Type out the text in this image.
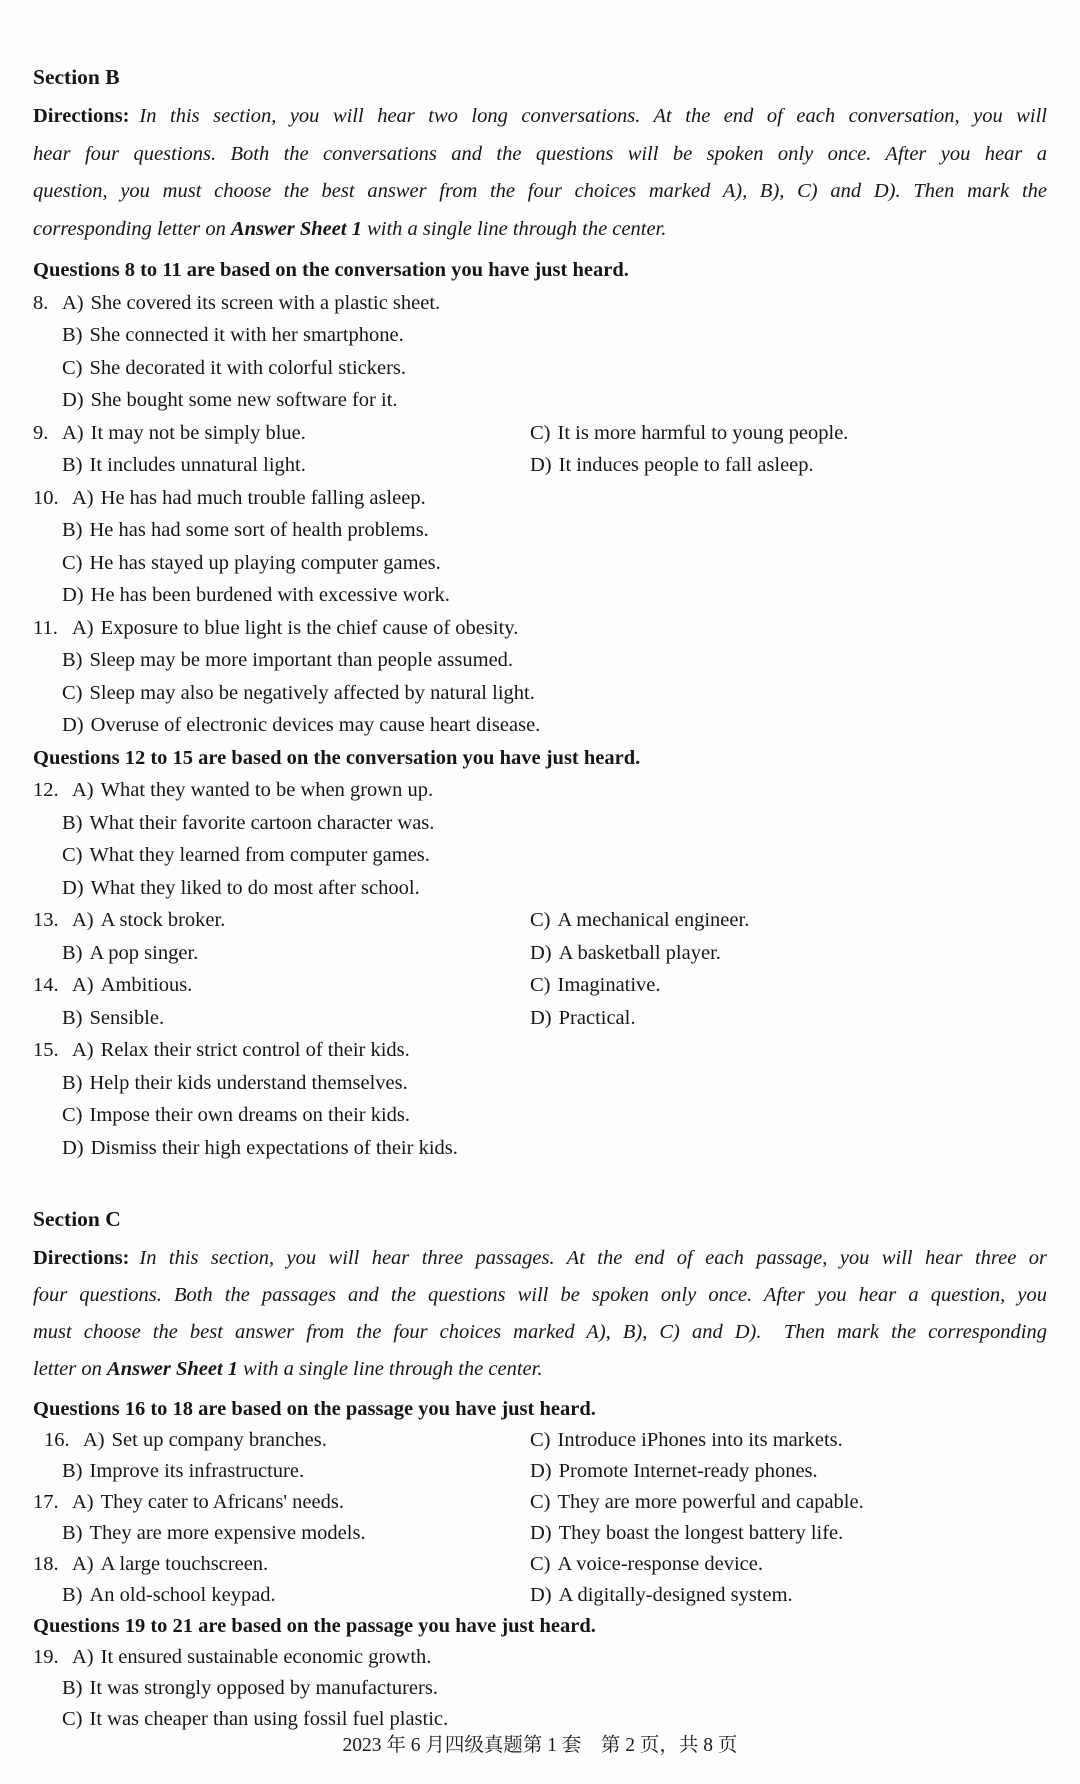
Section B
Directions: In this section, you will hear two long conversations. At the end of each conversation, you will
hear four questions. Both the conversations and the questions will be spoken only once. After you hear a
question, you must choose the best answer from the four choices marked A), B), C) and D). Then mark the
corresponding letter on Answer Sheet 1 with a single line through the center.
Questions 8 to 11 are based on the conversation you have just heard.
8. A) She covered its screen with a plastic sheet.
B) She connected it with her smartphone.
C) She decorated it with colorful stickers.
D) She bought some new software for it.
9. A) It may not be simply blue.	C) It is more harmful to young people.
B) It includes unnatural light.	D) It induces people to fall asleep.
10. A) He has had much trouble falling asleep.
B) He has had some sort of health problems.
C) He has stayed up playing computer games.
D) He has been burdened with excessive work.
11. A) Exposure to blue light is the chief cause of obesity.
B) Sleep may be more important than people assumed.
C) Sleep may also be negatively affected by natural light.
D) Overuse of electronic devices may cause heart disease.
Questions 12 to 15 are based on the conversation you have just heard.
12. A) What they wanted to be when grown up.
B) What their favorite cartoon character was.
C) What they learned from computer games.
D) What they liked to do most after school.
13. A) A stock broker.	C) A mechanical engineer.
B) A pop singer.	D) A basketball player.
14. A) Ambitious.	C) Imaginative.
B) Sensible.	D) Practical.
15. A) Relax their strict control of their kids.
B) Help their kids understand themselves.
C) Impose their own dreams on their kids.
D) Dismiss their high expectations of their kids.
Section C
Directions: In this section, you will hear three passages. At the end of each passage, you will hear three or
four questions. Both the passages and the questions will be spoken only once. After you hear a question, you
must choose the best answer from the four choices marked A), B), C) and D).  Then mark the corresponding
letter on Answer Sheet 1 with a single line through the center.
Questions 16 to 18 are based on the passage you have just heard.
16. A) Set up company branches.	C) Introduce iPhones into its markets.
B) Improve its infrastructure.	D) Promote Internet-ready phones.
17. A) They cater to Africans' needs.	C) They are more powerful and capable.
B) They are more expensive models.	D) They boast the longest battery life.
18. A) A large touchscreen.	C) A voice-response device.
B) An old-school keypad.	D) A digitally-designed system.
Questions 19 to 21 are based on the passage you have just heard.
19. A) It ensured sustainable economic growth.
B) It was strongly opposed by manufacturers.
C) It was cheaper than using fossil fuel plastic.
2023 年 6 月四级真题第 1 套　第 2 页，共 8 页
